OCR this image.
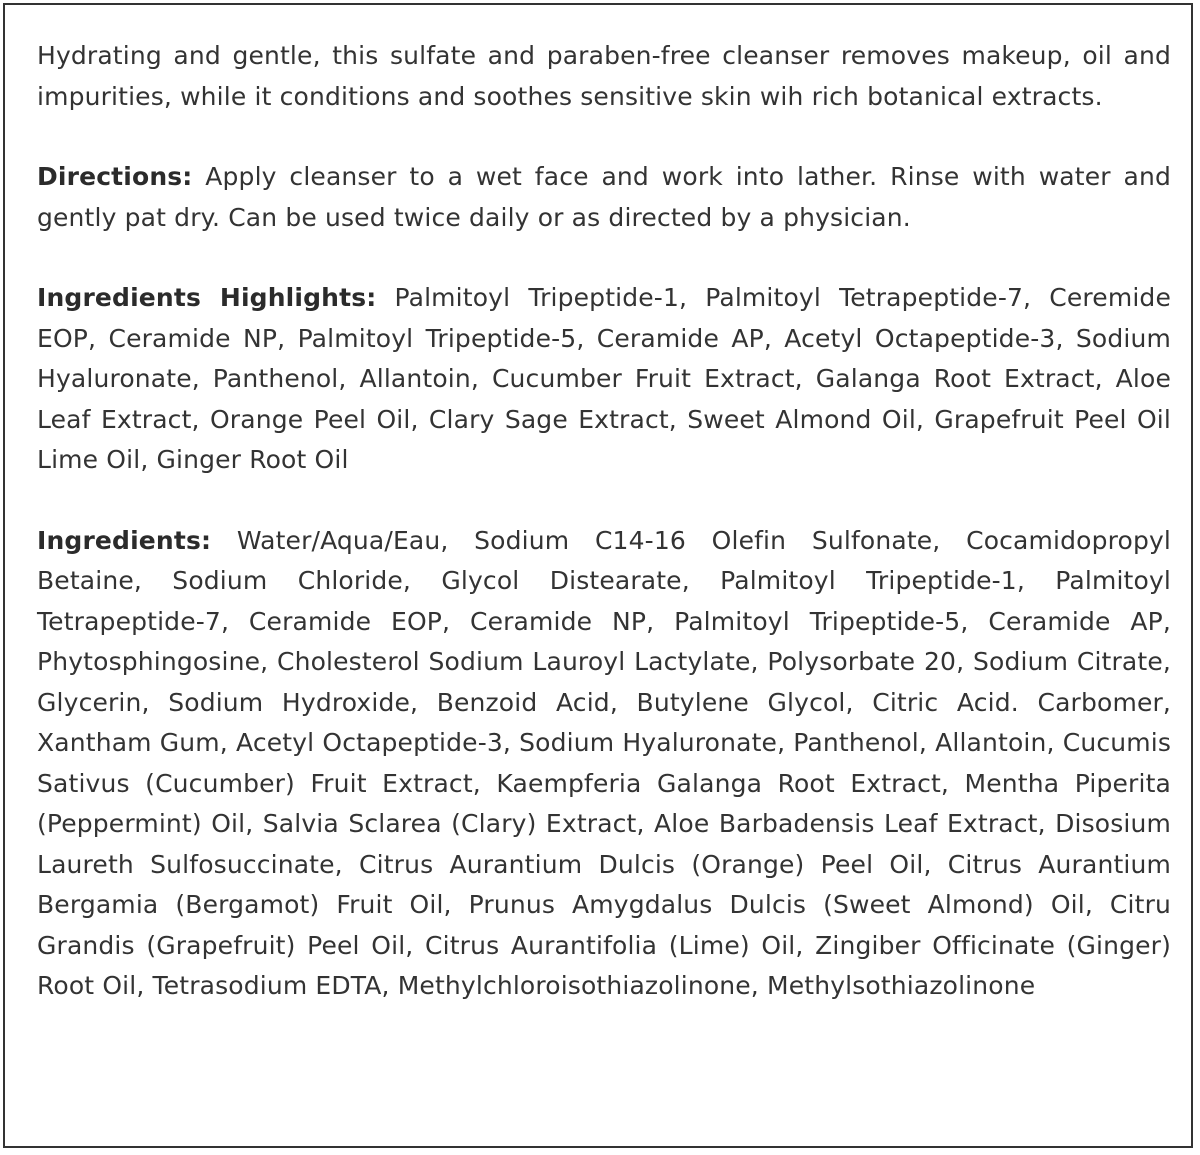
Hydrating and gentle, this sulfate and paraben-free cleanser removes makeup, oil and impurities, while it conditions and soothes sensitive skin wih rich botanical extracts.

Directions: Apply cleanser to a wet face and work into lather. Rinse with water and gently pat dry. Can be used twice daily or as directed by a physician.

Ingredients Highlights: Palmitoyl Tripeptide-1, Palmitoyl Tetrapeptide-7, Ceremide EOP, Ceramide NP, Palmitoyl Tripeptide-5, Ceramide AP, Acetyl Octapeptide-3, Sodium Hyaluronate, Panthenol, Allantoin, Cucumber Fruit Extract, Galanga Root Extract, Aloe Leaf Extract, Orange Peel Oil, Clary Sage Extract, Sweet Almond Oil, Grapefruit Peel Oil Lime Oil, Ginger Root Oil

Ingredients: Water/Aqua/Eau, Sodium C14-16 Olefin Sulfonate, Cocamidopropyl Betaine, Sodium Chloride, Glycol Distearate, Palmitoyl Tripeptide-1, Palmitoyl Tetrapeptide-7, Ceramide EOP, Ceramide NP, Palmitoyl Tripeptide-5, Ceramide AP, Phytosphingosine, Cholesterol Sodium Lauroyl Lactylate, Polysorbate 20, Sodium Citrate, Glycerin, Sodium Hydroxide, Benzoid Acid, Butylene Glycol, Citric Acid. Carbomer, Xantham Gum, Acetyl Octapeptide-3, Sodium Hyaluronate, Panthenol, Allantoin, Cucumis Sativus (Cucumber) Fruit Extract, Kaempferia Galanga Root Extract, Mentha Piperita (Peppermint) Oil, Salvia Sclarea (Clary) Extract, Aloe Barbadensis Leaf Extract, Disosium Laureth Sulfosuccinate, Citrus Aurantium Dulcis (Orange) Peel Oil, Citrus Aurantium Bergamia (Bergamot) Fruit Oil, Prunus Amygdalus Dulcis (Sweet Almond) Oil, Citru Grandis (Grapefruit) Peel Oil, Citrus Aurantifolia (Lime) Oil, Zingiber Officinate (Ginger) Root Oil, Tetrasodium EDTA, Methylchloroisothiazolinone, Methylsothiazolinone
